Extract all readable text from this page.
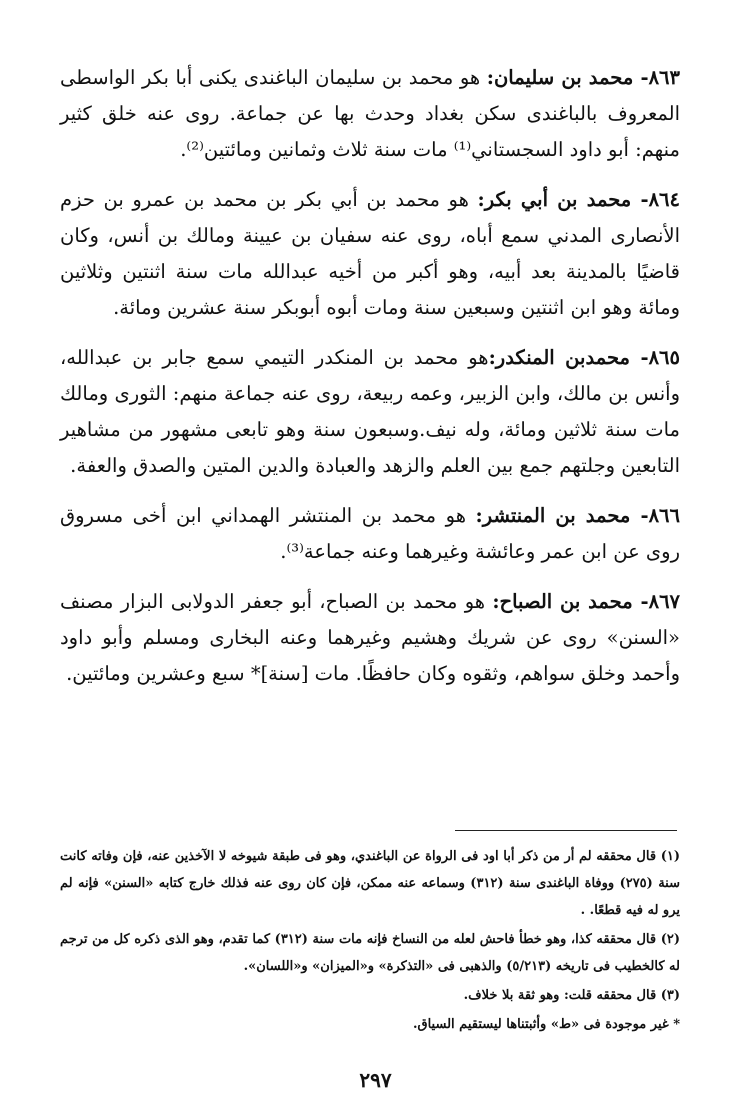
٨٦٣- محمد بن سليمان: هو محمد بن سليمان الباغندى يكنى أبا بكر الواسطى المعروف بالباغندى سكن بغداد وحدث بها عن جماعة. روى عنه خلق كثير منهم: أبو داود السجستاني⁽¹⁾ مات سنة ثلاث وثمانين ومائتين⁽²⁾.

٨٦٤- محمد بن أبي بكر: هو محمد بن أبي بكر بن محمد بن عمرو بن حزم الأنصارى المدني سمع أباه، روى عنه سفيان بن عيينة ومالك بن أنس، وكان قاضيًا بالمدينة بعد أبيه، وهو أكبر من أخيه عبدالله مات سنة اثنتين وثلاثين ومائة وهو ابن اثنتين وسبعين سنة ومات أبوه أبوبكر سنة عشرين ومائة.

٨٦٥- محمدبن المنكدر:هو محمد بن المنكدر التيمي سمع جابر بن عبدالله، وأنس بن مالك، وابن الزبير، وعمه ربيعة، روى عنه جماعة منهم: الثورى ومالك مات سنة ثلاثين ومائة، وله نيف.وسبعون سنة وهو تابعى مشهور من مشاهير التابعين وجلتهم جمع بين العلم والزهد والعبادة والدين المتين والصدق والعفة.

٨٦٦- محمد بن المنتشر: هو محمد بن المنتشر الهمداني ابن أخى مسروق روى عن ابن عمر وعائشة وغيرهما وعنه جماعة⁽³⁾.

٨٦٧- محمد بن الصباح: هو محمد بن الصباح، أبو جعفر الدولابى البزار مصنف «السنن» روى عن شريك وهشيم وغيرهما وعنه البخارى ومسلم وأبو داود وأحمد وخلق سواهم، وثقوه وكان حافظًا. مات [سنة]* سبع وعشرين ومائتين.

(١) قال محققه لم أر من ذكر أبا اود فى الرواة عن الباغندي، وهو فى طبقة شيوخه لا الآخذين عنه، فإن وفاته كانت سنة (٢٧٥) ووفاة الباغندى سنة (٣١٢) وسماعه عنه ممكن، فإن كان روى عنه فذلك خارج كتابه «السنن» فإنه لم يرو له فيه قطعًا. .

(٢) قال محققه كذا، وهو خطأ فاحش لعله من النساخ فإنه مات سنة (٣١٢) كما تقدم، وهو الذى ذكره كل من ترجم له كالخطيب فى تاريخه (٥/٢١٣) والذهبى فى «التذكرة» و«الميزان» و«اللسان».

(٣) قال محققه قلت: وهو ثقة بلا خلاف.

* غير موجودة فى «ط» وأثبتناها ليستقيم السياق.

٢٩٧
